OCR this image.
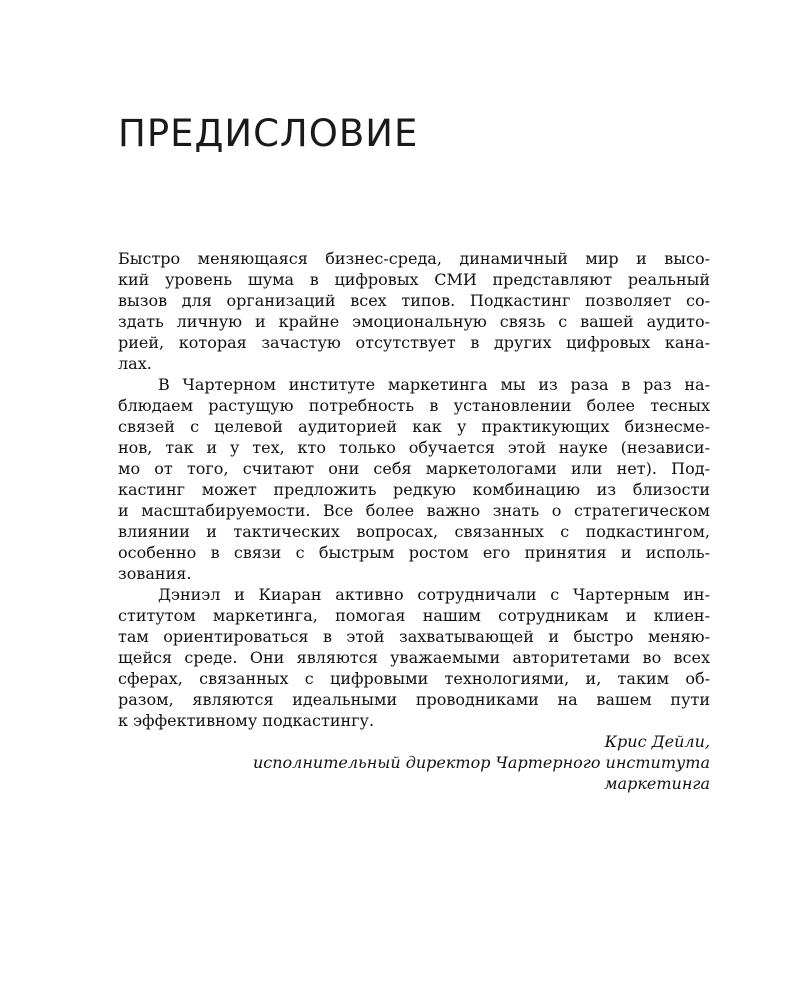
ПРЕДИСЛОВИЕ
Быстро меняющаяся бизнес-среда, динамичный мир и высо-
кий уровень шума в цифровых СМИ представляют реальный
вызов для организаций всех типов. Подкастинг позволяет со-
здать личную и крайне эмоциональную связь с вашей аудито-
рией, которая зачастую отсутствует в других цифровых кана-
лах.
В Чартерном институте маркетинга мы из раза в раз на-
блюдаем растущую потребность в установлении более тесных
связей с целевой аудиторией как у практикующих бизнесме-
нов, так и у тех, кто только обучается этой науке (независи-
мо от того, считают они себя маркетологами или нет). Под-
кастинг может предложить редкую комбинацию из близости
и масштабируемости. Все более важно знать о стратегическом
влиянии и тактических вопросах, связанных с подкастингом,
особенно в связи с быстрым ростом его принятия и исполь-
зования.
Дэниэл и Киаран активно сотрудничали с Чартерным ин-
ститутом маркетинга, помогая нашим сотрудникам и клиен-
там ориентироваться в этой захватывающей и быстро меняю-
щейся среде. Они являются уважаемыми авторитетами во всех
сферах, связанных с цифровыми технологиями, и, таким об-
разом, являются идеальными проводниками на вашем пути
к эффективному подкастингу.
Крис Дейли,
исполнительный директор Чартерного института
маркетинга
